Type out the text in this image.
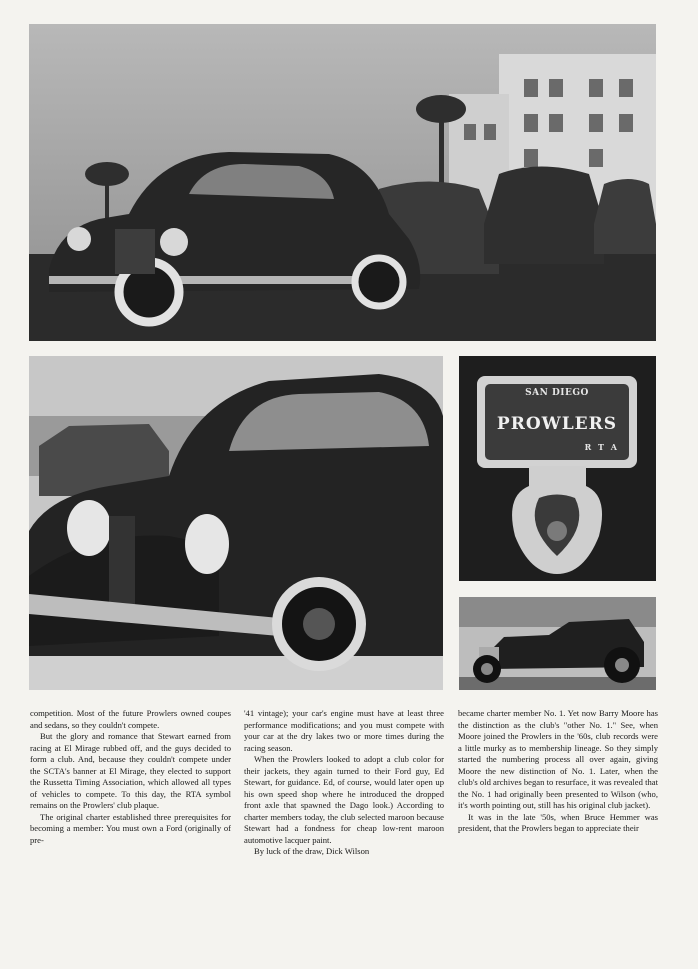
SAN DIEGO
PROWLERS
R T A

competition. Most of the future Prowlers owned coupes and sedans, so they couldn't compete.

But the glory and romance that Stewart earned from racing at El Mirage rubbed off, and the guys decided to form a club. And, because they couldn't compete under the SCTA's banner at El Mirage, they elected to support the Russetta Timing Association, which allowed all types of vehicles to compete. To this day, the RTA symbol remains on the Prowlers' club plaque.

The original charter established three prerequisites for becoming a member: You must own a Ford (originally of pre-

'41 vintage); your car's engine must have at least three performance modifications; and you must compete with your car at the dry lakes two or more times during the racing season.

When the Prowlers looked to adopt a club color for their jackets, they again turned to their Ford guy, Ed Stewart, for guidance. Ed, of course, would later open up his own speed shop where he introduced the dropped front axle that spawned the Dago look.) According to charter members today, the club selected maroon because Stewart had a fondness for cheap low-rent maroon automotive lacquer paint.

By luck of the draw, Dick Wilson

became charter member No. 1. Yet now Barry Moore has the distinction as the club's "other No. 1." See, when Moore joined the Prowlers in the '60s, club records were a little murky as to membership lineage. So they simply started the numbering process all over again, giving Moore the new distinction of No. 1. Later, when the club's old archives began to resurface, it was revealed that the No. 1 had originally been presented to Wilson (who, it's worth pointing out, still has his original club jacket).

It was in the late '50s, when Bruce Hemmer was president, that the Prowlers began to appreciate their
